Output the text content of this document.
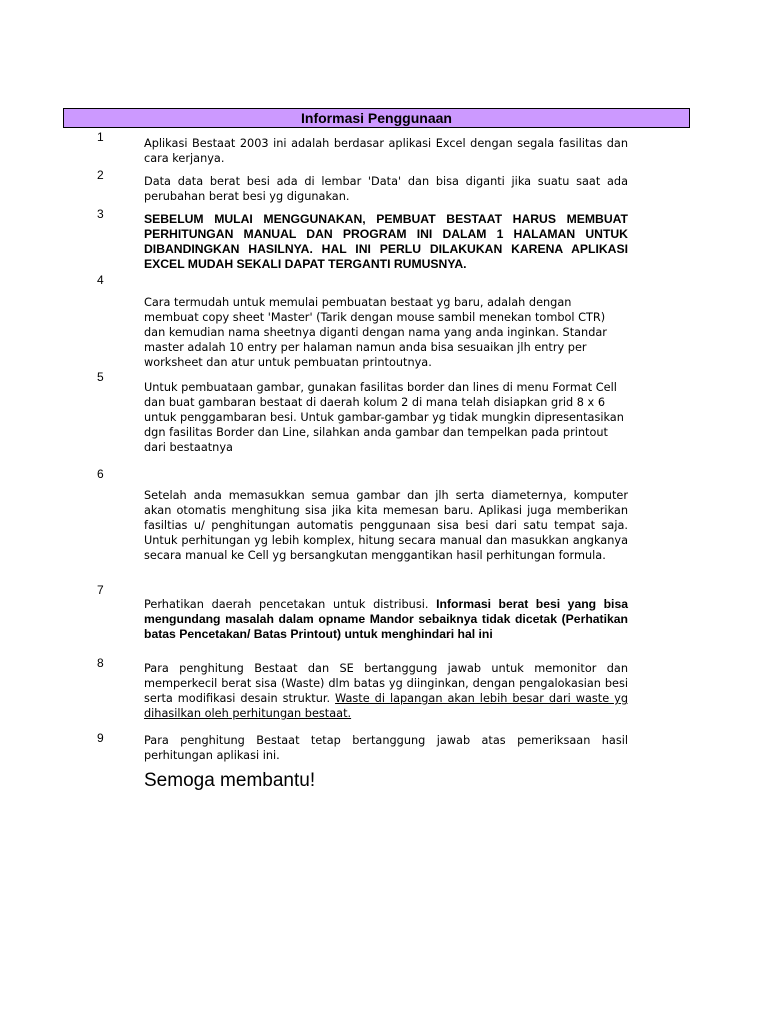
Informasi Penggunaan
1	Aplikasi Bestaat 2003 ini adalah berdasar aplikasi Excel dengan segala fasilitas dan cara kerjanya.
2	Data data berat besi ada di lembar 'Data' dan bisa diganti jika suatu saat ada perubahan berat besi yg digunakan.
3	SEBELUM MULAI MENGGUNAKAN, PEMBUAT BESTAAT HARUS MEMBUAT PERHITUNGAN MANUAL DAN PROGRAM INI DALAM 1 HALAMAN UNTUK DIBANDINGKAN HASILNYA. HAL INI PERLU DILAKUKAN KARENA APLIKASI EXCEL MUDAH SEKALI DAPAT TERGANTI RUMUSNYA.
4
Cara termudah untuk memulai pembuatan bestaat yg baru, adalah dengan membuat copy sheet 'Master' (Tarik dengan mouse sambil menekan tombol CTR) dan kemudian nama sheetnya diganti dengan nama yang anda inginkan. Standar master adalah 10 entry per halaman namun anda bisa sesuaikan jlh entry per worksheet dan atur untuk pembuatan printoutnya.
5
Untuk pembuataan gambar, gunakan fasilitas border dan lines di menu Format Cell dan buat gambaran bestaat di daerah kolum 2 di mana telah disiapkan grid 8 x 6 untuk penggambaran besi. Untuk gambar-gambar yg tidak mungkin dipresentasikan dgn fasilitas Border dan Line, silahkan anda gambar dan tempelkan pada printout dari bestaatnya
6
Setelah anda memasukkan semua gambar dan jlh serta diameternya, komputer akan otomatis menghitung sisa jika kita memesan baru. Aplikasi juga memberikan fasiltias u/ penghitungan automatis penggunaan sisa besi dari satu tempat saja. Untuk perhitungan yg lebih komplex, hitung secara manual dan masukkan angkanya secara manual ke Cell yg bersangkutan menggantikan hasil perhitungan formula.
7
Perhatikan daerah pencetakan untuk distribusi. Informasi berat besi yang bisa mengundang masalah dalam opname Mandor sebaiknya tidak dicetak (Perhatikan batas Pencetakan/ Batas Printout) untuk menghindari hal ini
8	Para penghitung Bestaat dan SE bertanggung jawab untuk memonitor dan memperkecil berat sisa (Waste) dlm batas yg diinginkan, dengan pengalokasian besi serta modifikasi desain struktur. Waste di lapangan akan lebih besar dari waste yg dihasilkan oleh perhitungan bestaat.
9	Para penghitung Bestaat tetap bertanggung jawab atas pemeriksaan hasil perhitungan aplikasi ini.
Semoga membantu!
